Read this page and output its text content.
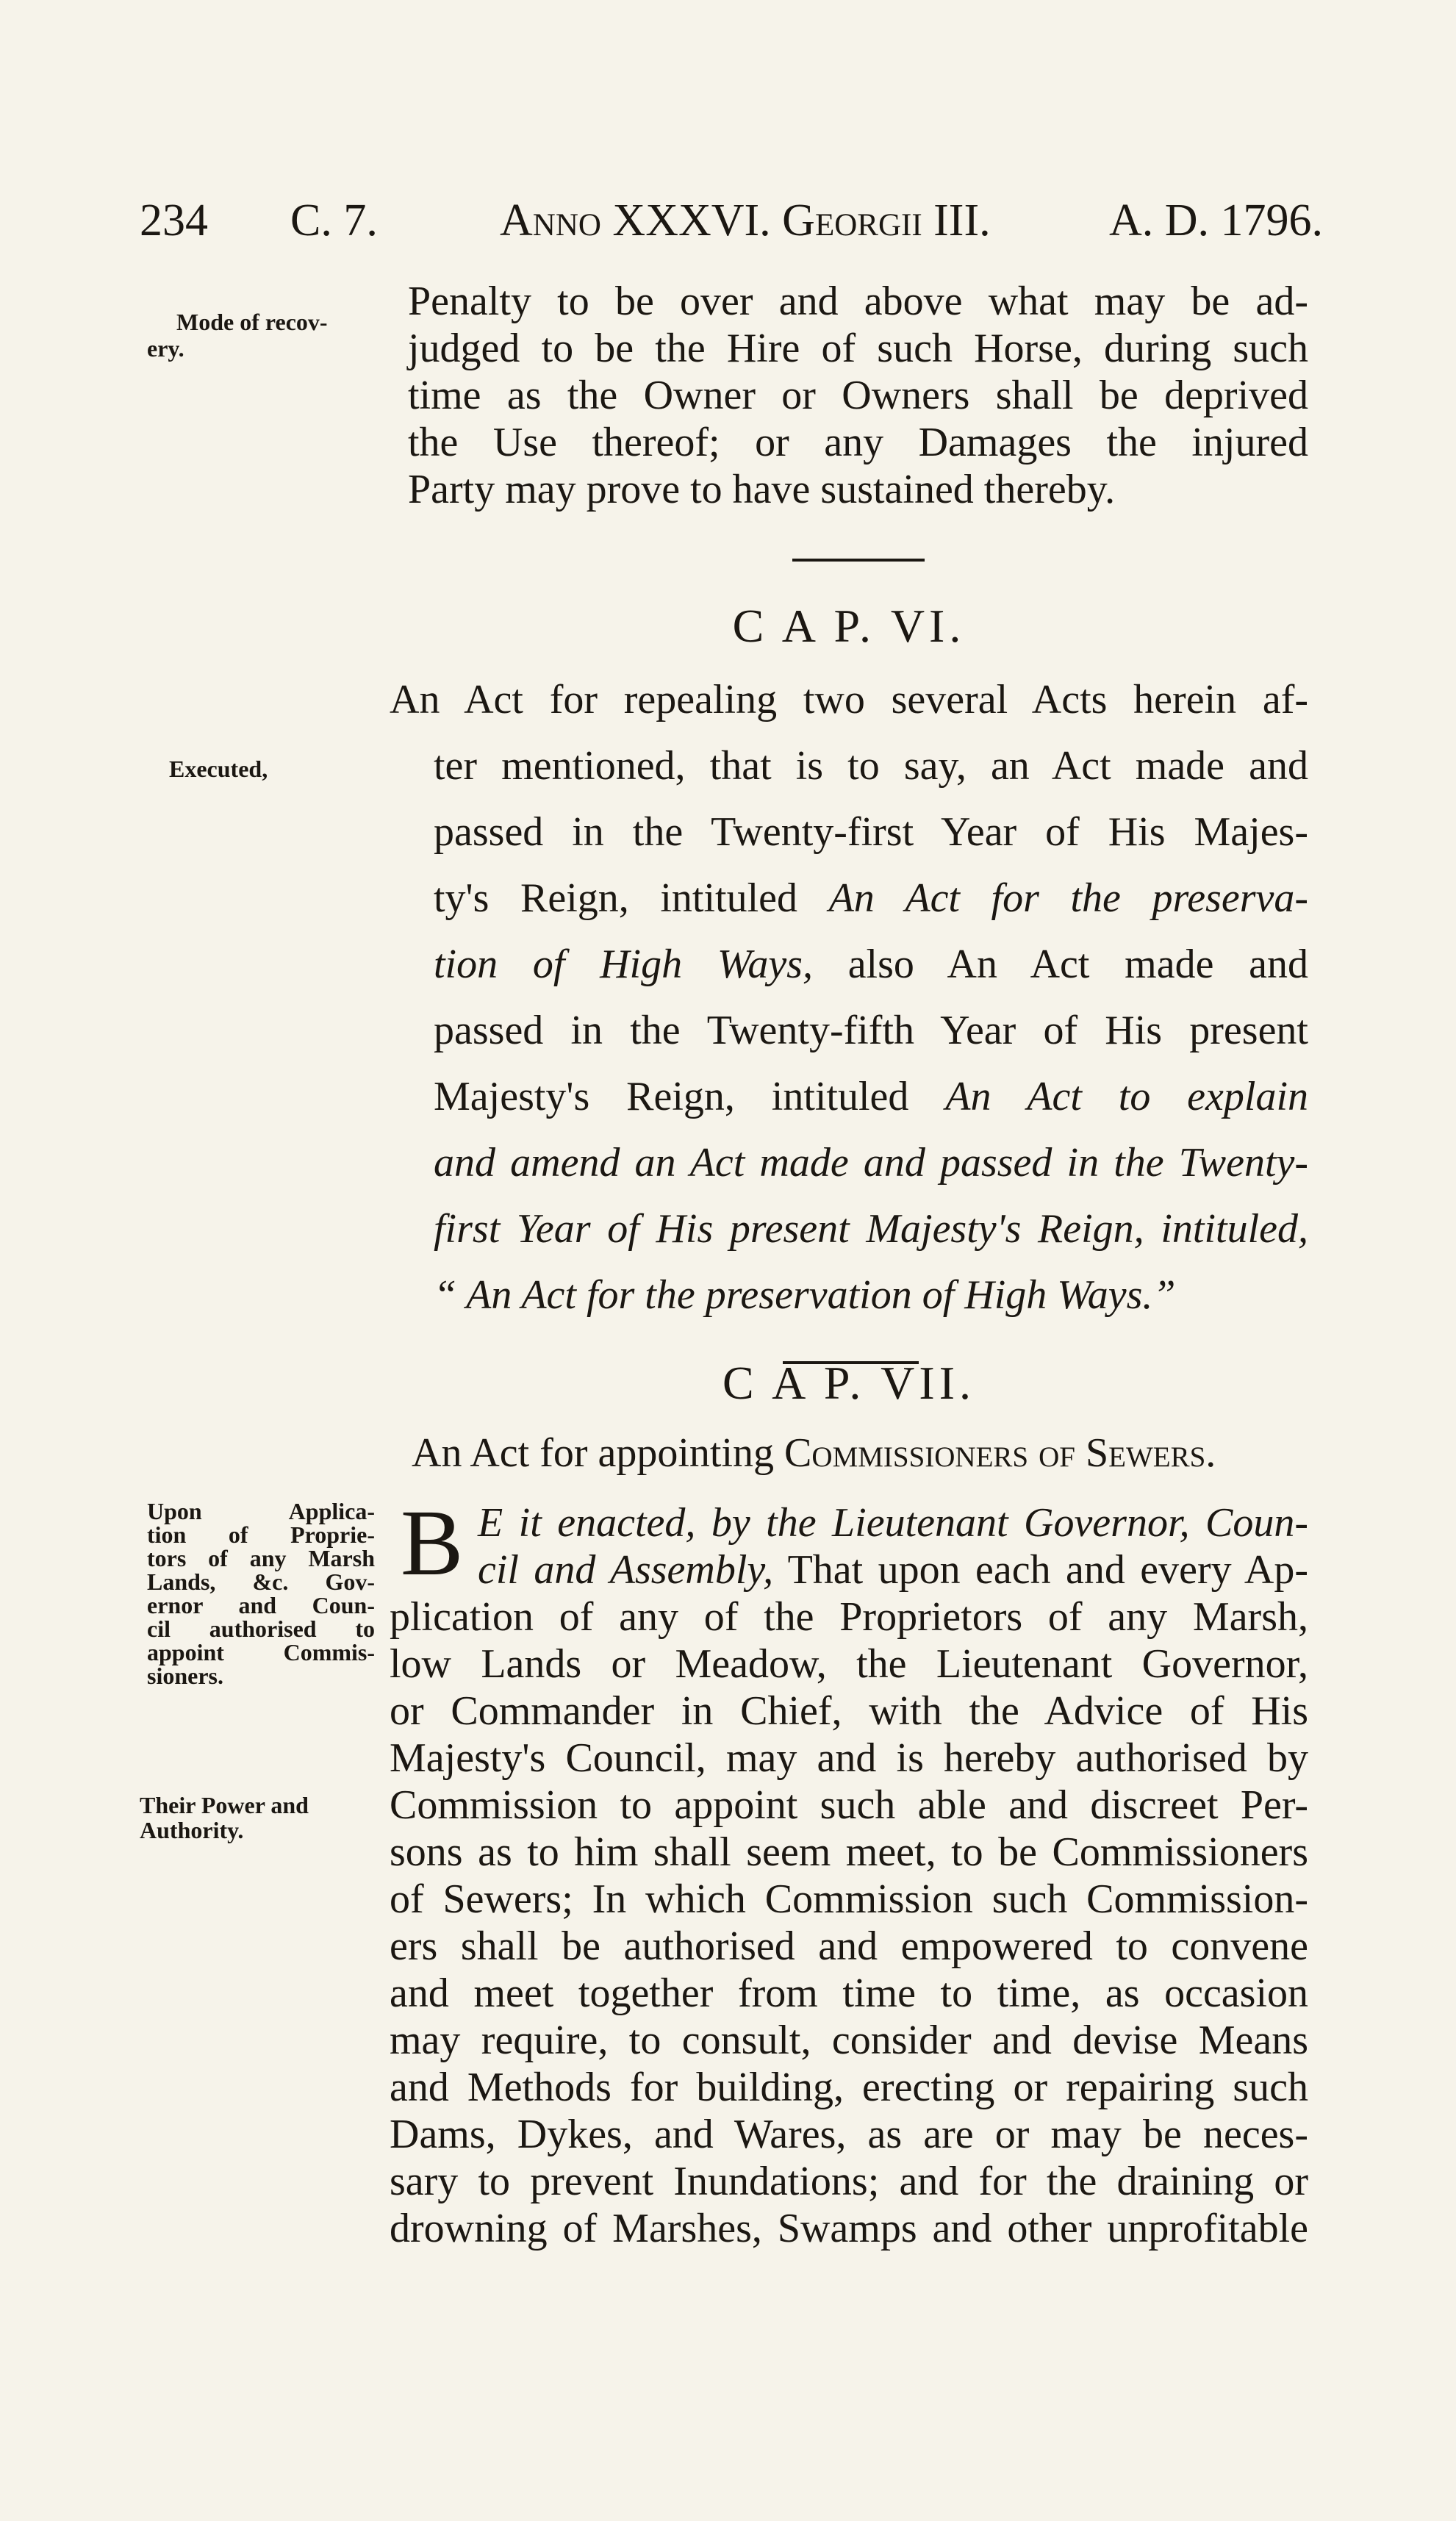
234 C. 7.	Anno XXXVI. Georgii III.	A. D. 1796.
Mode of recov-
ery.
Penalty to be over and above what may be ad-
judged to be the Hire of such Horse, during such
time as the Owner or Owners shall be deprived
the Use thereof; or any Damages the injured
Party may prove to have sustained thereby.
C A P. VI.
Executed,
An Act for repealing two several Acts herein af-
ter mentioned, that is to say, an Act made and
passed in the Twenty-first Year of His Majes-
ty's Reign, intituled An Act for the preserva-
tion of High Ways, also An Act made and
passed in the Twenty-fifth Year of His present
Majesty's Reign, intituled An Act to explain
and amend an Act made and passed in the Twenty-
first Year of His present Majesty's Reign, intituled,
“ An Act for the preservation of High Ways.”
C A P. VII.
An Act for appointing Commissioners of Sewers.
Upon Applica-
tion of Proprie-
tors of any Marsh
Lands, &c. Gov-
ernor and Coun-
cil authorised to
appoint Commis-
sioners.
B E it enacted, by the Lieutenant Governor, Coun-
cil and Assembly, That upon each and every Ap-
plication of any of the Proprietors of any Marsh,
low Lands or Meadow, the Lieutenant Governor,
or Commander in Chief, with the Advice of His
Majesty's Council, may and is hereby authorised by
Their Power and
Authority.
Commission to appoint such able and discreet Per-
sons as to him shall seem meet, to be Commissioners
of Sewers; In which Commission such Commission-
ers shall be authorised and empowered to convene
and meet together from time to time, as occasion
may require, to consult, consider and devise Means
and Methods for building, erecting or repairing such
Dams, Dykes, and Wares, as are or may be neces-
sary to prevent Inundations; and for the draining or
drowning of Marshes, Swamps and other unprofitable
